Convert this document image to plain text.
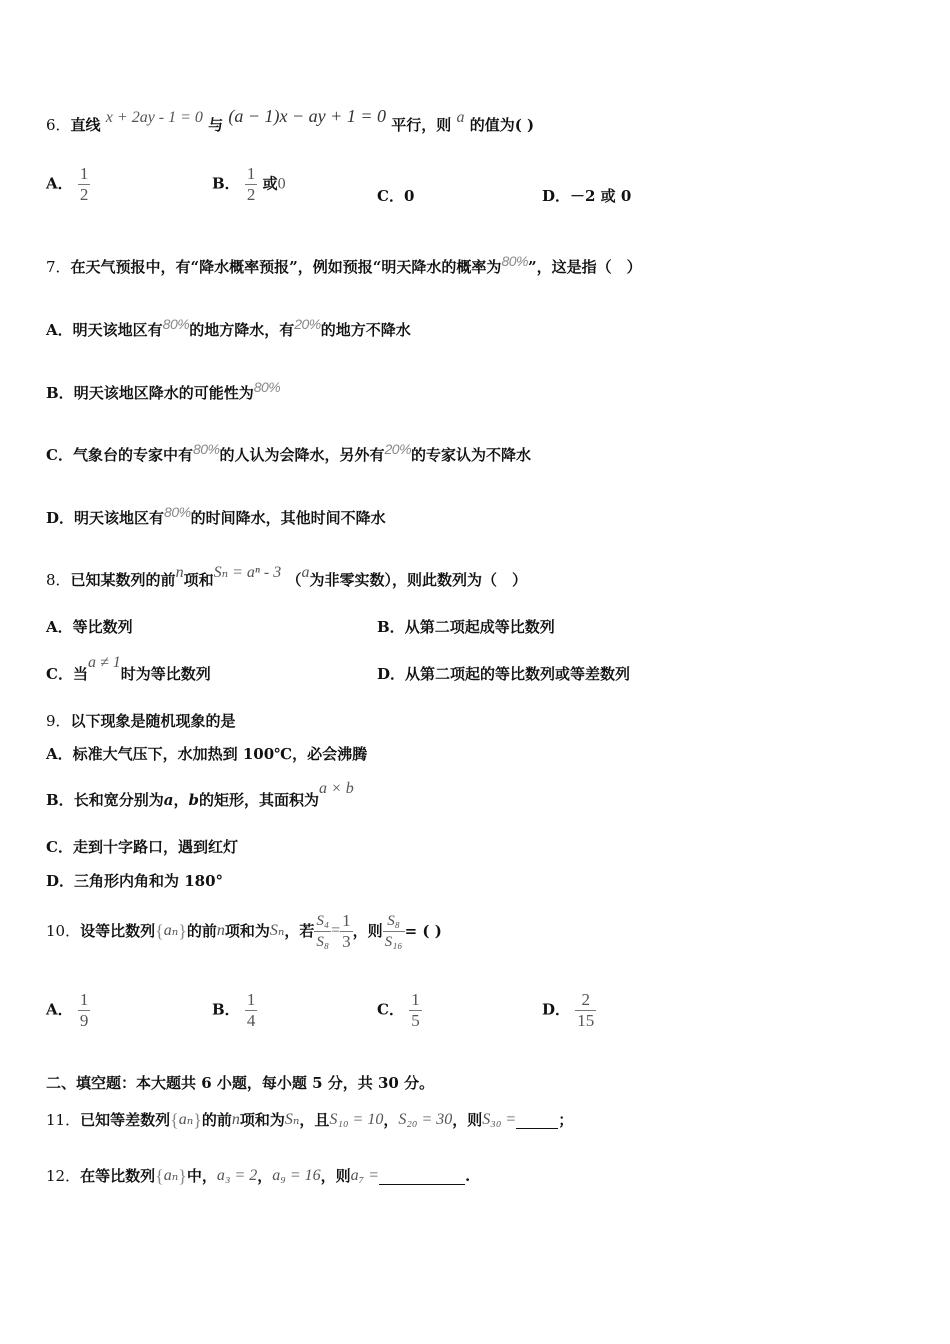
6．直线 x + 2ay - 1 = 0 与 (a − 1)x − ay + 1 = 0 平行，则 a 的值为( )
A． $\frac{1}{2}$	B． $\frac{1}{2}$ 或0
C．0	D．－2 或 0
7．在天气预报中，有“降水概率预报”，例如预报“明天降水的概率为80%”，这是指（　）
A．明天该地区有80%的地方降水，有20%的地方不降水
B．明天该地区降水的可能性为80%
C．气象台的专家中有80%的人认为会降水，另外有20%的专家认为不降水
D．明天该地区有80%的时间降水，其他时间不降水
8．已知某数列的前n项和Sₙ = aⁿ - 3 （a为非零实数），则此数列为（　）
A．等比数列	B．从第二项起成等比数列
C．当a ≠ 1时为等比数列	D．从第二项起的等比数列或等差数列
9．以下现象是随机现象的是
A．标准大气压下，水加热到 100℃，必会沸腾
B．长和宽分别为a，b的矩形，其面积为a × b
C．走到十字路口，遇到红灯
D．三角形内角和为 180°
10． 设等比数列 { aₙ } 的前 n 项和为 Sₙ ，若 $\frac{\text{S₄}}{\text{S₈}} = \frac{1}{3}$ ，则 $\frac{\text{S₈}}{\text{S₁₆}}$ = ( )
A． $\frac{1}{9}$	B． $\frac{1}{4}$	C． $\frac{1}{5}$	D． $\frac{2}{15}$
二、填空题：本大题共 6 小题，每小题 5 分，共 30 分。
11． 已知等差数列 { aₙ } 的前 n 项和为 Sₙ ，且 S₁₀ = 10 ， S₂₀ = 30 ，则 S₃₀ =	；
12． 在等比数列 { aₙ } 中， a₃ = 2 ， a₉ = 16 ，则 a₇ =	.
